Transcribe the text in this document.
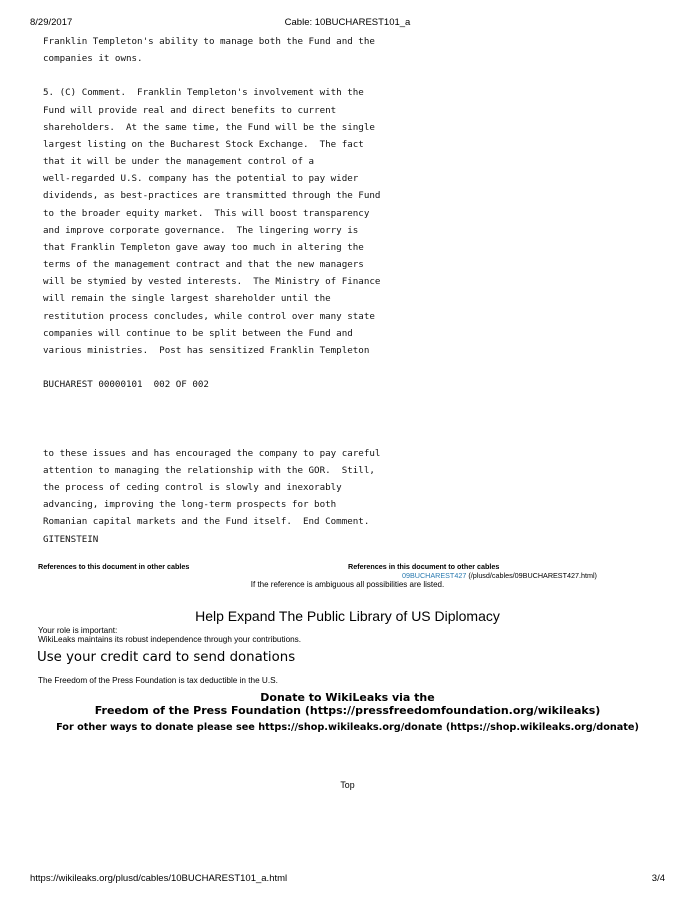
8/29/2017	Cable: 10BUCHAREST101_a
Franklin Templeton's ability to manage both the Fund and the
companies it owns.

5. (C) Comment.  Franklin Templeton's involvement with the
Fund will provide real and direct benefits to current
shareholders.  At the same time, the Fund will be the single
largest listing on the Bucharest Stock Exchange.  The fact
that it will be under the management control of a
well-regarded U.S. company has the potential to pay wider
dividends, as best-practices are transmitted through the Fund
to the broader equity market.  This will boost transparency
and improve corporate governance.  The lingering worry is
that Franklin Templeton gave away too much in altering the
terms of the management contract and that the new managers
will be stymied by vested interests.  The Ministry of Finance
will remain the single largest shareholder until the
restitution process concludes, while control over many state
companies will continue to be split between the Fund and
various ministries.  Post has sensitized Franklin Templeton

BUCHAREST 00000101  002 OF 002

to these issues and has encouraged the company to pay careful
attention to managing the relationship with the GOR.  Still,
the process of ceding control is slowly and inexorably
advancing, improving the long-term prospects for both
Romanian capital markets and the Fund itself.  End Comment.
GITENSTEIN
References to this document in other cables	References in this document to other cables
09BUCHAREST427 (/plusd/cables/09BUCHAREST427.html)
If the reference is ambiguous all possibilities are listed.
Help Expand The Public Library of US Diplomacy
Your role is important:
WikiLeaks maintains its robust independence through your contributions.
Use your credit card to send donations
The Freedom of the Press Foundation is tax deductible in the U.S.
Donate to WikiLeaks via the
Freedom of the Press Foundation (https://pressfreedomfoundation.org/wikileaks)
For other ways to donate please see https://shop.wikileaks.org/donate (https://shop.wikileaks.org/donate)
Top
https://wikileaks.org/plusd/cables/10BUCHAREST101_a.html	3/4
